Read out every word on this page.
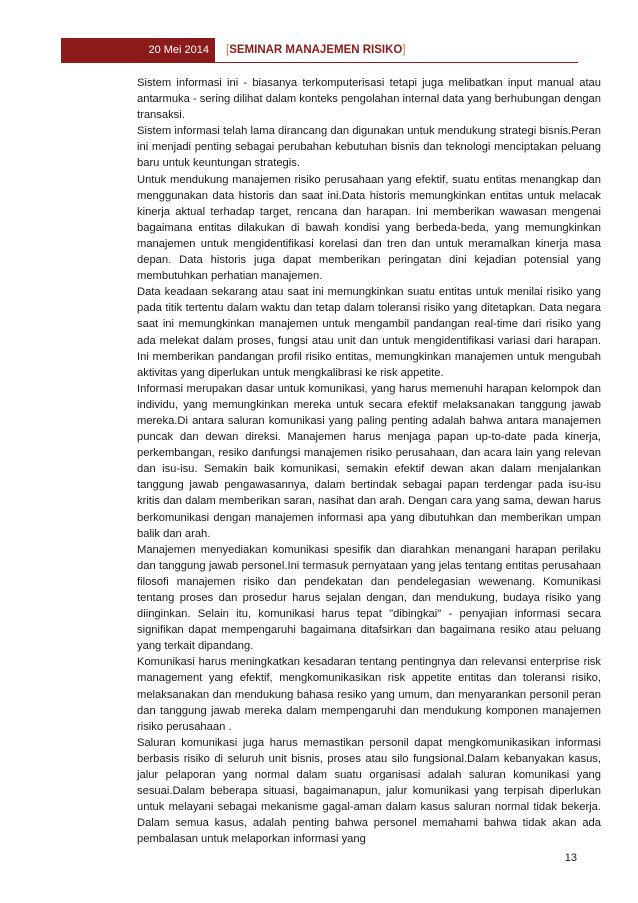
20 Mei 2014	[SEMINAR MANAJEMEN RISIKO]

Sistem informasi ini - biasanya terkomputerisasi tetapi juga melibatkan input manual atau antarmuka - sering dilihat dalam konteks pengolahan internal data yang berhubungan dengan transaksi.

Sistem informasi telah lama dirancang dan digunakan untuk mendukung strategi bisnis.Peran ini menjadi penting sebagai perubahan kebutuhan bisnis dan teknologi menciptakan peluang baru untuk keuntungan strategis.

Untuk mendukung manajemen risiko perusahaan yang efektif, suatu entitas menangkap dan menggunakan data historis dan saat ini.Data historis memungkinkan entitas untuk melacak kinerja aktual terhadap target, rencana dan harapan. Ini memberikan wawasan mengenai bagaimana entitas dilakukan di bawah kondisi yang berbeda-beda, yang memungkinkan manajemen untuk mengidentifikasi korelasi dan tren dan untuk meramalkan kinerja masa depan. Data historis juga dapat memberikan peringatan dini kejadian potensial yang membutuhkan perhatian manajemen.

Data keadaan sekarang atau saat ini memungkinkan suatu entitas untuk menilai risiko yang pada titik tertentu dalam waktu dan tetap dalam toleransi risiko yang ditetapkan. Data negara saat ini memungkinkan manajemen untuk mengambil pandangan real-time dari risiko yang ada melekat dalam proses, fungsi atau unit dan untuk mengidentifikasi variasi dari harapan. Ini memberikan pandangan profil risiko entitas, memungkinkan manajemen untuk mengubah aktivitas yang diperlukan untuk mengkalibrasi ke risk appetite.

Informasi merupakan dasar untuk komunikasi, yang harus memenuhi harapan kelompok dan individu, yang memungkinkan mereka untuk secara efektif melaksanakan tanggung jawab mereka.Di antara saluran komunikasi yang paling penting adalah bahwa antara manajemen puncak dan dewan direksi. Manajemen harus menjaga papan up-to-date pada kinerja, perkembangan, resiko danfungsi manajemen risiko perusahaan, dan acara lain yang relevan dan isu-isu. Semakin baik komunikasi, semakin efektif dewan akan dalam menjalankan tanggung jawab pengawasannya, dalam bertindak sebagai papan terdengar pada isu-isu kritis dan dalam memberikan saran, nasihat dan arah. Dengan cara yang sama, dewan harus berkomunikasi dengan manajemen informasi apa yang dibutuhkan dan memberikan umpan balik dan arah.

Manajemen menyediakan komunikasi spesifik dan diarahkan menangani harapan perilaku dan tanggung jawab personel.Ini termasuk pernyataan yang jelas tentang entitas perusahaan filosofi manajemen risiko dan pendekatan dan pendelegasian wewenang. Komunikasi tentang proses dan prosedur harus sejalan dengan, dan mendukung, budaya risiko yang diinginkan. Selain itu, komunikasi harus tepat "dibingkai" - penyajian informasi secara signifikan dapat mempengaruhi bagaimana ditafsirkan dan bagaimana resiko atau peluang yang terkait dipandang.

Komunikasi harus meningkatkan kesadaran tentang pentingnya dan relevansi enterprise risk management yang efektif, mengkomunikasikan risk appetite entitas dan toleransi risiko, melaksanakan dan mendukung bahasa resiko yang umum, dan menyarankan personil peran dan tanggung jawab mereka dalam mempengaruhi dan mendukung komponen manajemen risiko perusahaan .

Saluran komunikasi juga harus memastikan personil dapat mengkomunikasikan informasi berbasis risiko di seluruh unit bisnis, proses atau silo fungsional.Dalam kebanyakan kasus, jalur pelaporan yang normal dalam suatu organisasi adalah saluran komunikasi yang sesuai.Dalam beberapa situasi, bagaimanapun, jalur komunikasi yang terpisah diperlukan untuk melayani sebagai mekanisme gagal-aman dalam kasus saluran normal tidak bekerja. Dalam semua kasus, adalah penting bahwa personel memahami bahwa tidak akan ada pembalasan untuk melaporkan informasi yang

13
